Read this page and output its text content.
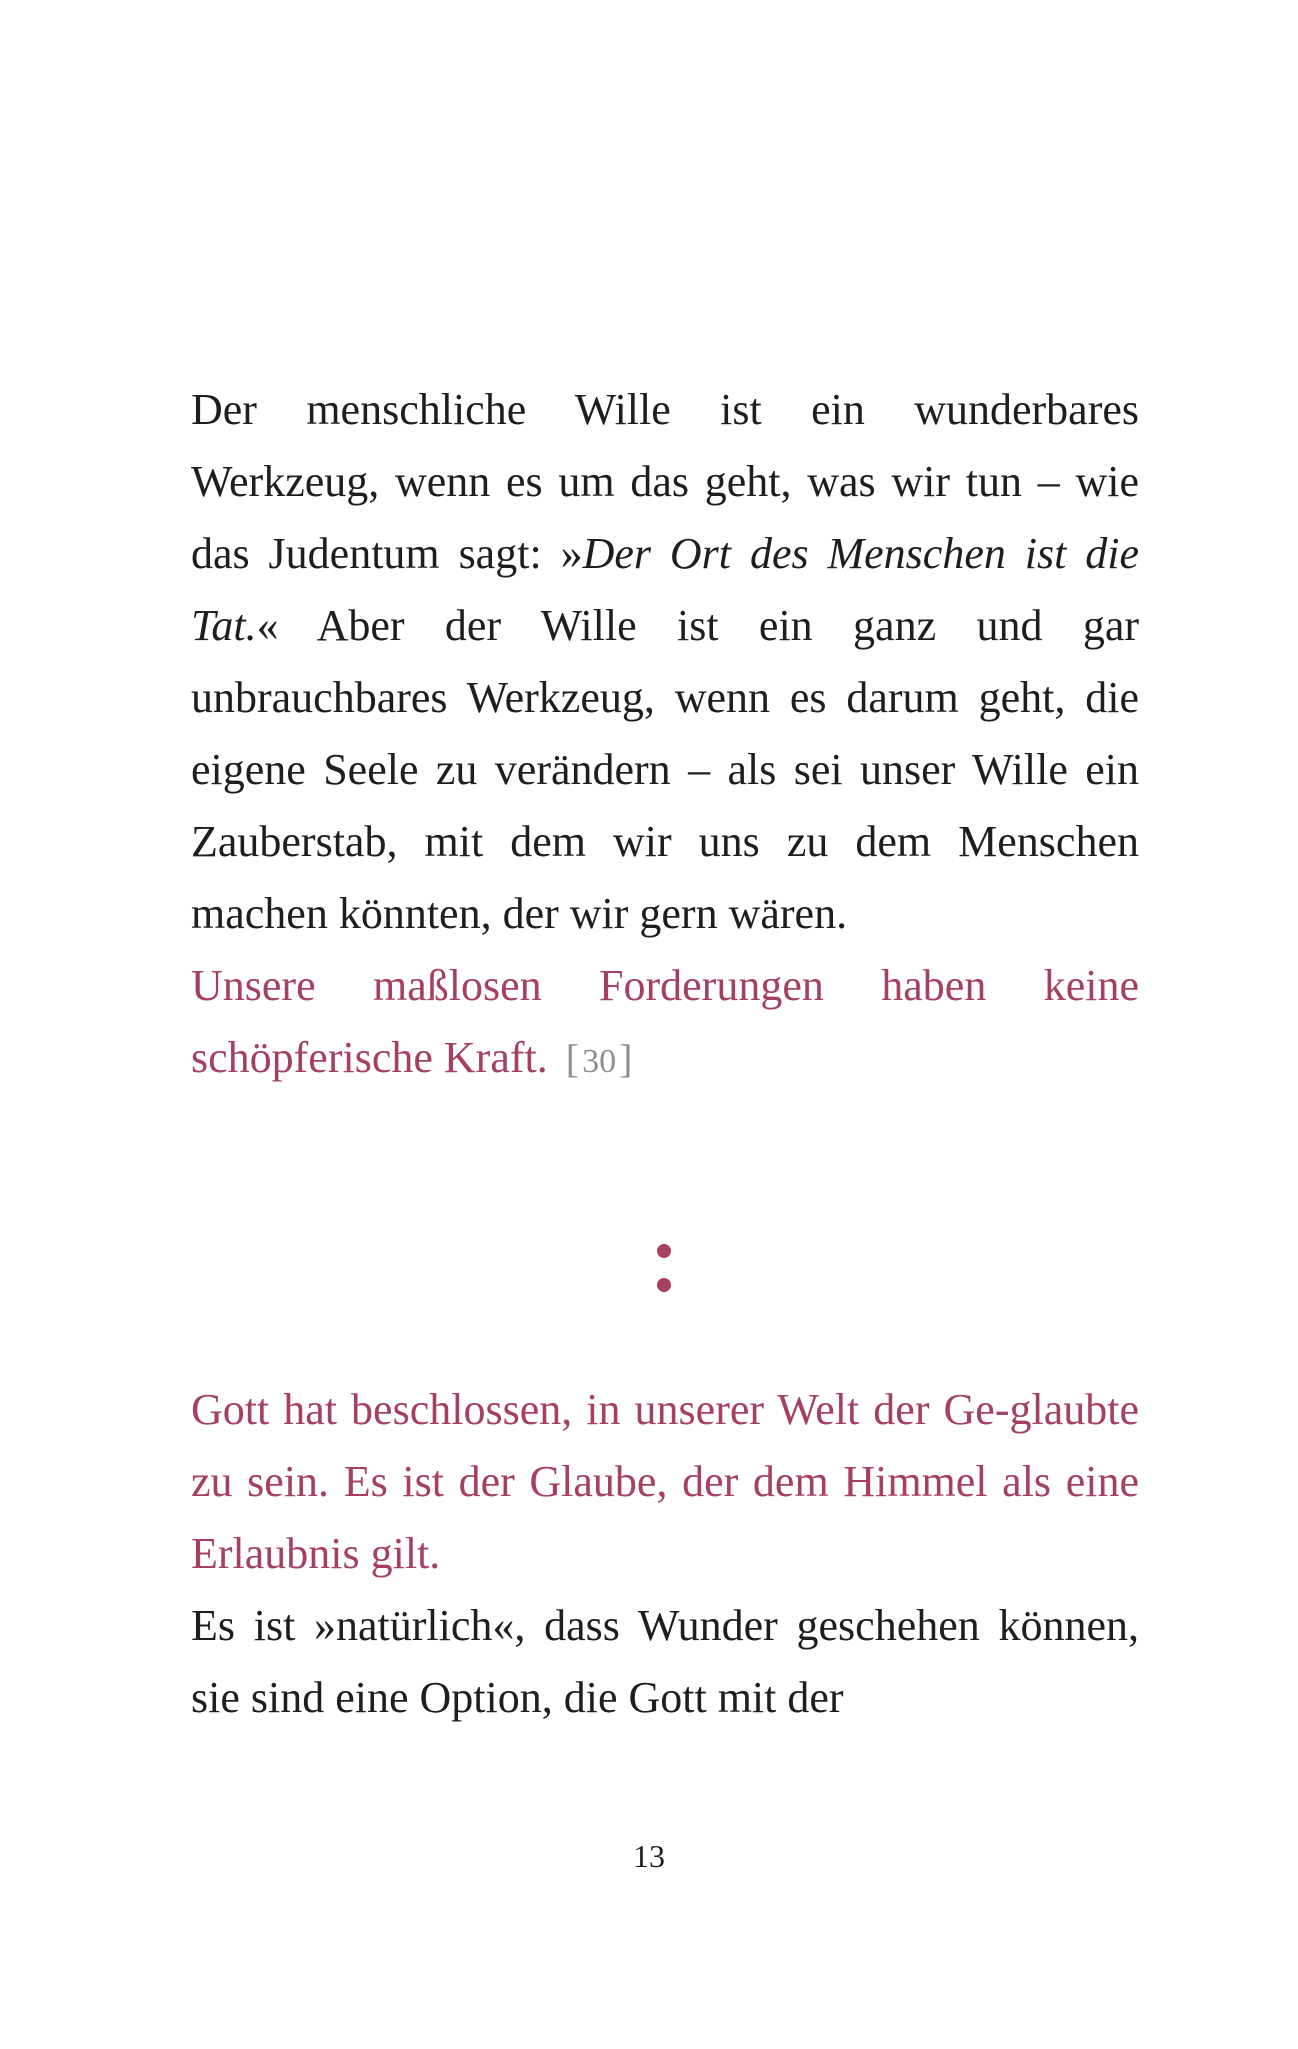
Der menschliche Wille ist ein wunderbares Werkzeug, wenn es um das geht, was wir tun – wie das Judentum sagt: »Der Ort des Menschen ist die Tat.« Aber der Wille ist ein ganz und gar unbrauchbares Werkzeug, wenn es darum geht, die eigene Seele zu verändern – als sei unser Wille ein Zauberstab, mit dem wir uns zu dem Menschen machen könnten, der wir gern wären.

Unsere maßlosen Forderungen haben keine schöpferische Kraft. [30]

Gott hat beschlossen, in unserer Welt der Ge-glaubte zu sein. Es ist der Glaube, der dem Himmel als eine Erlaubnis gilt.

Es ist »natürlich«, dass Wunder geschehen können, sie sind eine Option, die Gott mit der

13
